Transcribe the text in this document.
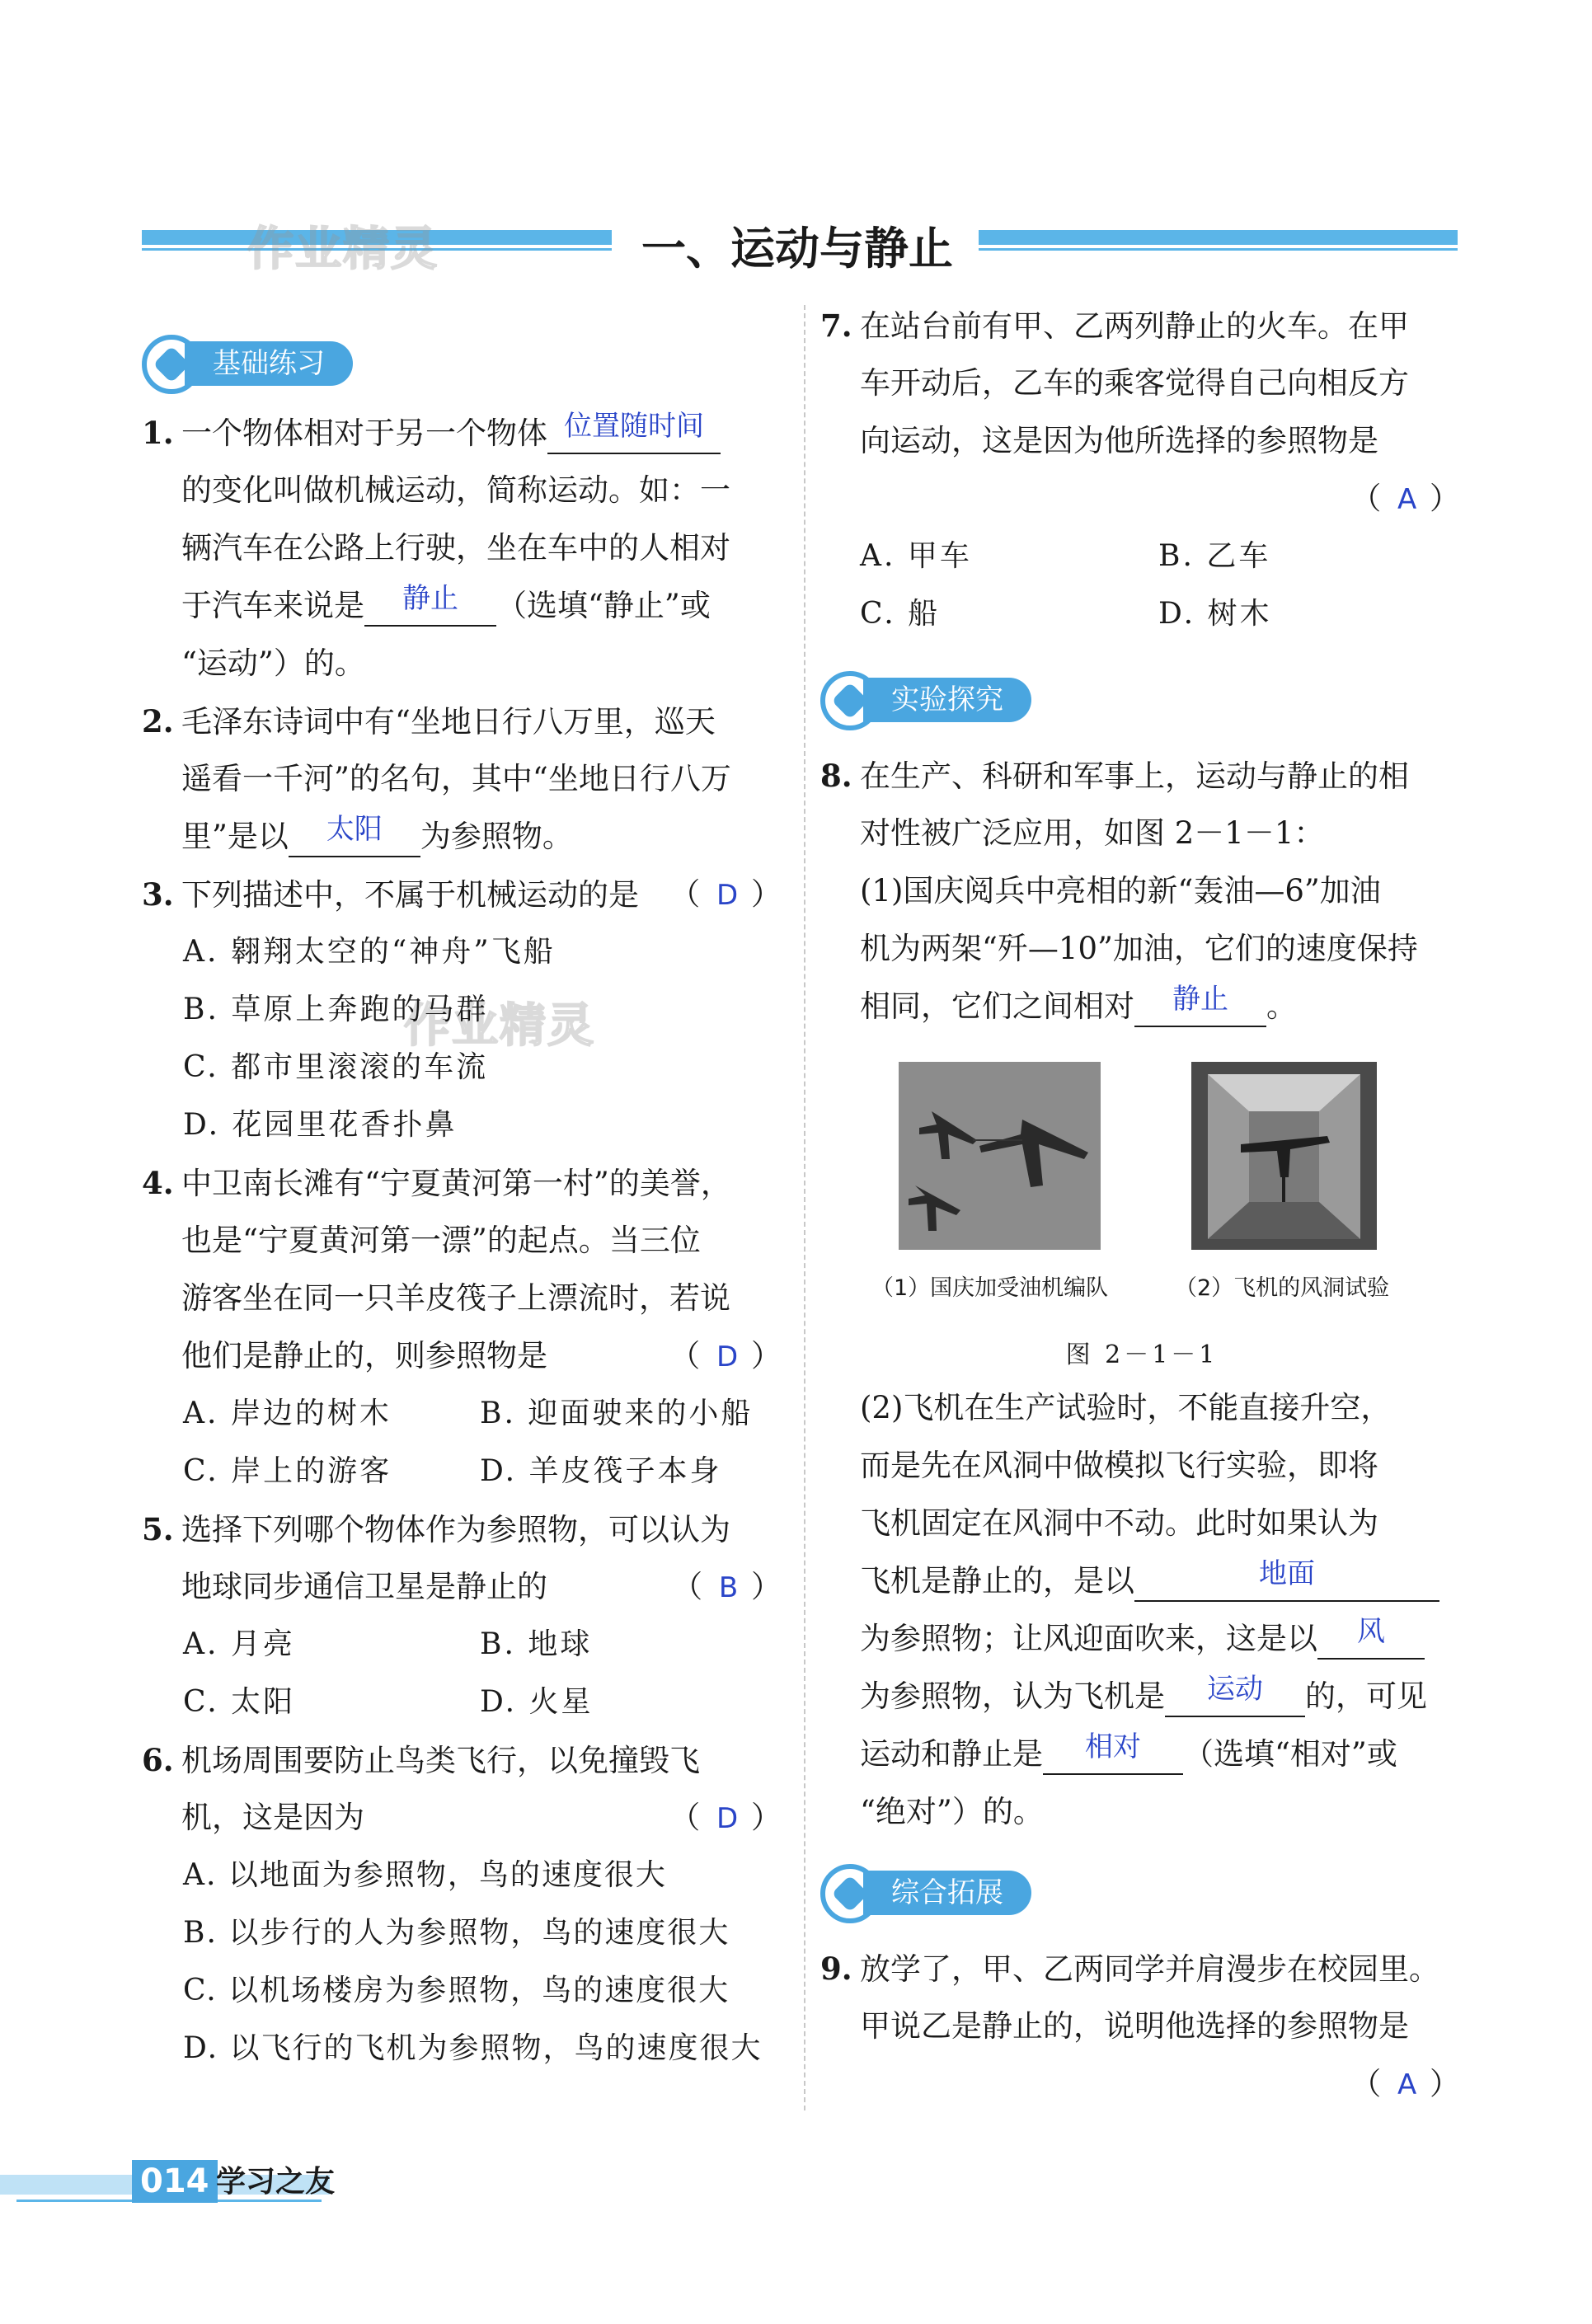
一、运动与静止
作业精灵
作业精灵
基础练习
1. 一个物体相对于另一个物体 位置随时间
的变化叫做机械运动，简称运动。如：一
辆汽车在公路上行驶，坐在车中的人相对
于汽车来说是 静止 （选填“静止”或
“运动”）的。
2. 毛泽东诗词中有“坐地日行八万里，巡天
遥看一千河”的名句，其中“坐地日行八万
里”是以 太阳 为参照物。
3. 下列描述中，不属于机械运动的是 （ D ）
A. 翱翔太空的“神舟”飞船
B. 草原上奔跑的马群
C. 都市里滚滚的车流
D. 花园里花香扑鼻
4. 中卫南长滩有“宁夏黄河第一村”的美誉，
也是“宁夏黄河第一漂”的起点。当三位
游客坐在同一只羊皮筏子上漂流时，若说
他们是静止的，则参照物是	（ D ）
A. 岸边的树木	B. 迎面驶来的小船
C. 岸上的游客	D. 羊皮筏子本身
5. 选择下列哪个物体作为参照物，可以认为
地球同步通信卫星是静止的	（ B ）
A. 月亮	B. 地球
C. 太阳	D. 火星
6. 机场周围要防止鸟类飞行，以免撞毁飞
机，这是因为	（ D ）
A. 以地面为参照物，鸟的速度很大
B. 以步行的人为参照物，鸟的速度很大
C. 以机场楼房为参照物，鸟的速度很大
D. 以飞行的飞机为参照物，鸟的速度很大
7. 在站台前有甲、乙两列静止的火车。在甲
车开动后，乙车的乘客觉得自己向相反方
向运动，这是因为他所选择的参照物是
（ A ）
A. 甲车	B. 乙车
C. 船	D. 树木
实验探究
8. 在生产、科研和军事上，运动与静止的相
对性被广泛应用，如图 2－1－1：
(1)国庆阅兵中亮相的新“轰油—6”加油
机为两架“歼—10”加油，它们的速度保持
相同，它们之间相对 静止 。
（1）国庆加受油机编队	（2）飞机的风洞试验
图 2－1－1
(2)飞机在生产试验时，不能直接升空，
而是先在风洞中做模拟飞行实验，即将
飞机固定在风洞中不动。此时如果认为
飞机是静止的，是以	地面
为参照物；让风迎面吹来，这是以 风
为参照物，认为飞机是 运动 的，可见
运动和静止是 相对 （选填“相对”或
“绝对”）的。
综合拓展
9. 放学了，甲、乙两同学并肩漫步在校园里。
甲说乙是静止的，说明他选择的参照物是
（ A ）
014 学习之友
